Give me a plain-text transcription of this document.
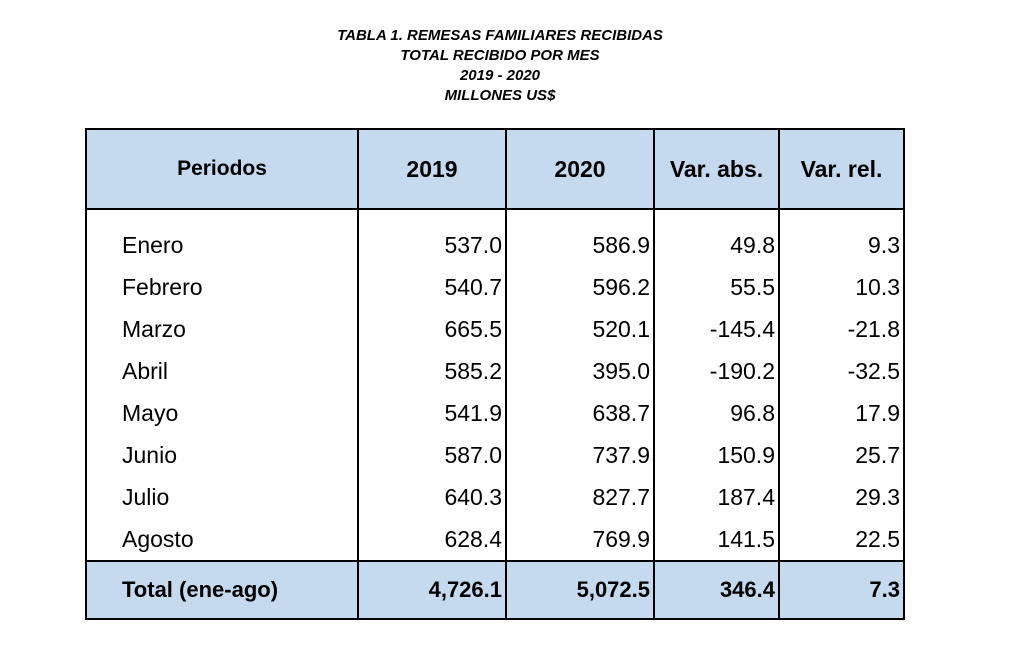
TABLA 1. REMESAS FAMILIARES RECIBIDAS
TOTAL RECIBIDO POR MES
2019 - 2020
MILLONES US$
Periodos	2019	2020	Var. abs.	Var. rel.
Enero	537.0	586.9	49.8	9.3
Febrero	540.7	596.2	55.5	10.3
Marzo	665.5	520.1	-145.4	-21.8
Abril	585.2	395.0	-190.2	-32.5
Mayo	541.9	638.7	96.8	17.9
Junio	587.0	737.9	150.9	25.7
Julio	640.3	827.7	187.4	29.3
Agosto	628.4	769.9	141.5	22.5
Total (ene-ago)	4,726.1	5,072.5	346.4	7.3
